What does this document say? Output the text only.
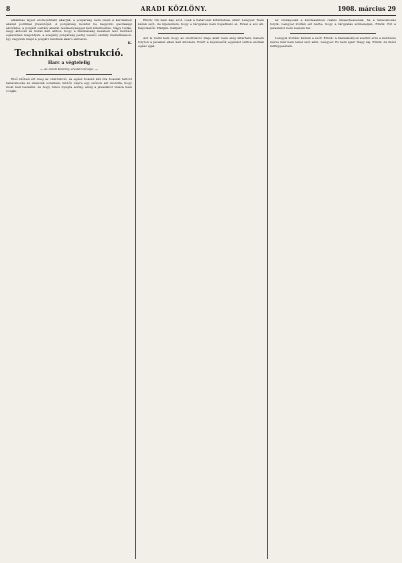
8	ARADI KÖZLÖNY.	1908. március 29

alkalmas ügyet előmozdítani akarják, a polgárság nem viseli a kérdésben akarat politikai jövendőjét. A polgárság mozdul be nagyobb gazdasági akciókba, a polgári osztály akarat tevékenységgel kell kitermelnie. Nagy tudás, nagy áldozat és tudás kell ahhoz, hogy a munkásság kezében levő kérdést egészében megoldjuk, a szegény polgárság pedig vezető osztály maradhasson. Így vagyunk majd a polgári rendnek akaró emberei.

K.
Technikai obstrukció.
Harc a végtelelig
— Az Aradi Közlöny eredeti tárcája. —

Első időben ért meg az obstrukció, és egész hosszú két óra hosszat tartott tanácskozás az ellenzék soraiban, midőn végre egy szónok azt mondta, hogy most kell beszélni, és hogy nincs nyugta addig, amíg a javaslatot vissza nem vonják.

Elnök: Ön nem kap szót, csak a határozat kihirdetése után! Lengyel: Nem kérek szót, de kijelentem, hogy e tárgyalás nem fogadható el. Ezzel a szó áll. Képviselők: Halljuk, halljuk!

Azt is tudni kell, hogy az obstrukció ideje alatt nem elég kitartani, hanem folyton a javaslat ellen kell küzdeni. Ezért a képviselők egymást váltva szóltak egész éjjel.

az országosak a kérdésekben csakis ülésezhessenek, ha a tanácskozás folyik. Lengyel Zoltán ezt kérte, hogy a tárgyalás szüneteljen. Elnök: Ezt a javaslatot nem teszem fel.

Lengyel Zoltán: Kérem a szót! Elnök: A házszabályok szerint erre a kérdésre nézve már nem lehet szót adni. Lengyel: Ez nem igaz! Nagy zaj. Elnök: Az ülést felfüggesztem.
